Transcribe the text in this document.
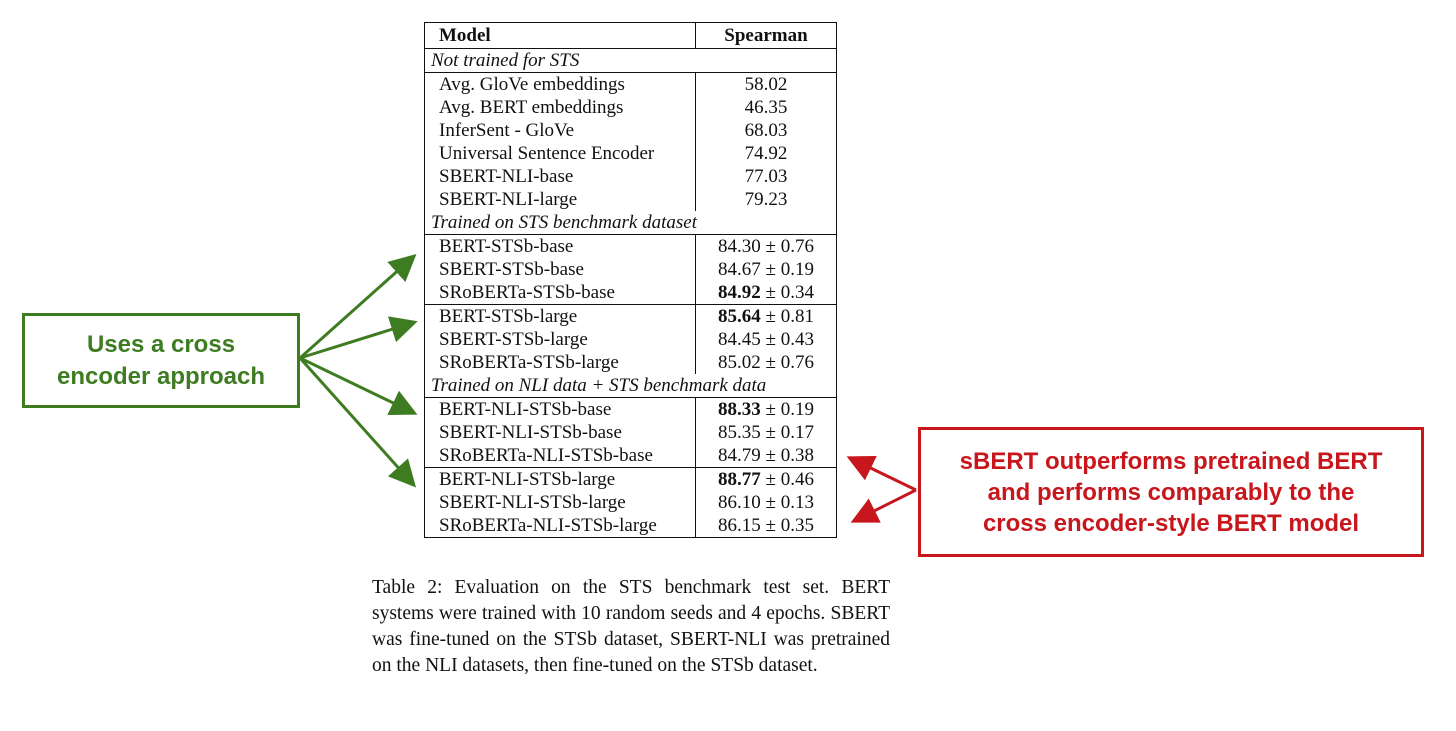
Model	Spearman
Not trained for STS	
Avg. GloVe embeddings	58.02
Avg. BERT embeddings	46.35
InferSent - GloVe	68.03
Universal Sentence Encoder	74.92
SBERT-NLI-base	77.03
SBERT-NLI-large	79.23
Trained on STS benchmark dataset	
BERT-STSb-base	84.30 ± 0.76
SBERT-STSb-base	84.67 ± 0.19
SRoBERTa-STSb-base	84.92 ± 0.34
BERT-STSb-large	85.64 ± 0.81
SBERT-STSb-large	84.45 ± 0.43
SRoBERTa-STSb-large	85.02 ± 0.76
Trained on NLI data + STS benchmark data	
BERT-NLI-STSb-base	88.33 ± 0.19
SBERT-NLI-STSb-base	85.35 ± 0.17
SRoBERTa-NLI-STSb-base	84.79 ± 0.38
BERT-NLI-STSb-large	88.77 ± 0.46
SBERT-NLI-STSb-large	86.10 ± 0.13
SRoBERTa-NLI-STSb-large	86.15 ± 0.35

Table 2: Evaluation on the STS benchmark test set. BERT systems were trained with 10 random seeds and 4 epochs. SBERT was fine-tuned on the STSb dataset, SBERT-NLI was pretrained on the NLI datasets, then fine-tuned on the STSb dataset.

Uses a cross
encoder approach
sBERT outperforms pretrained BERT
and performs comparably to the
cross encoder-style BERT model
